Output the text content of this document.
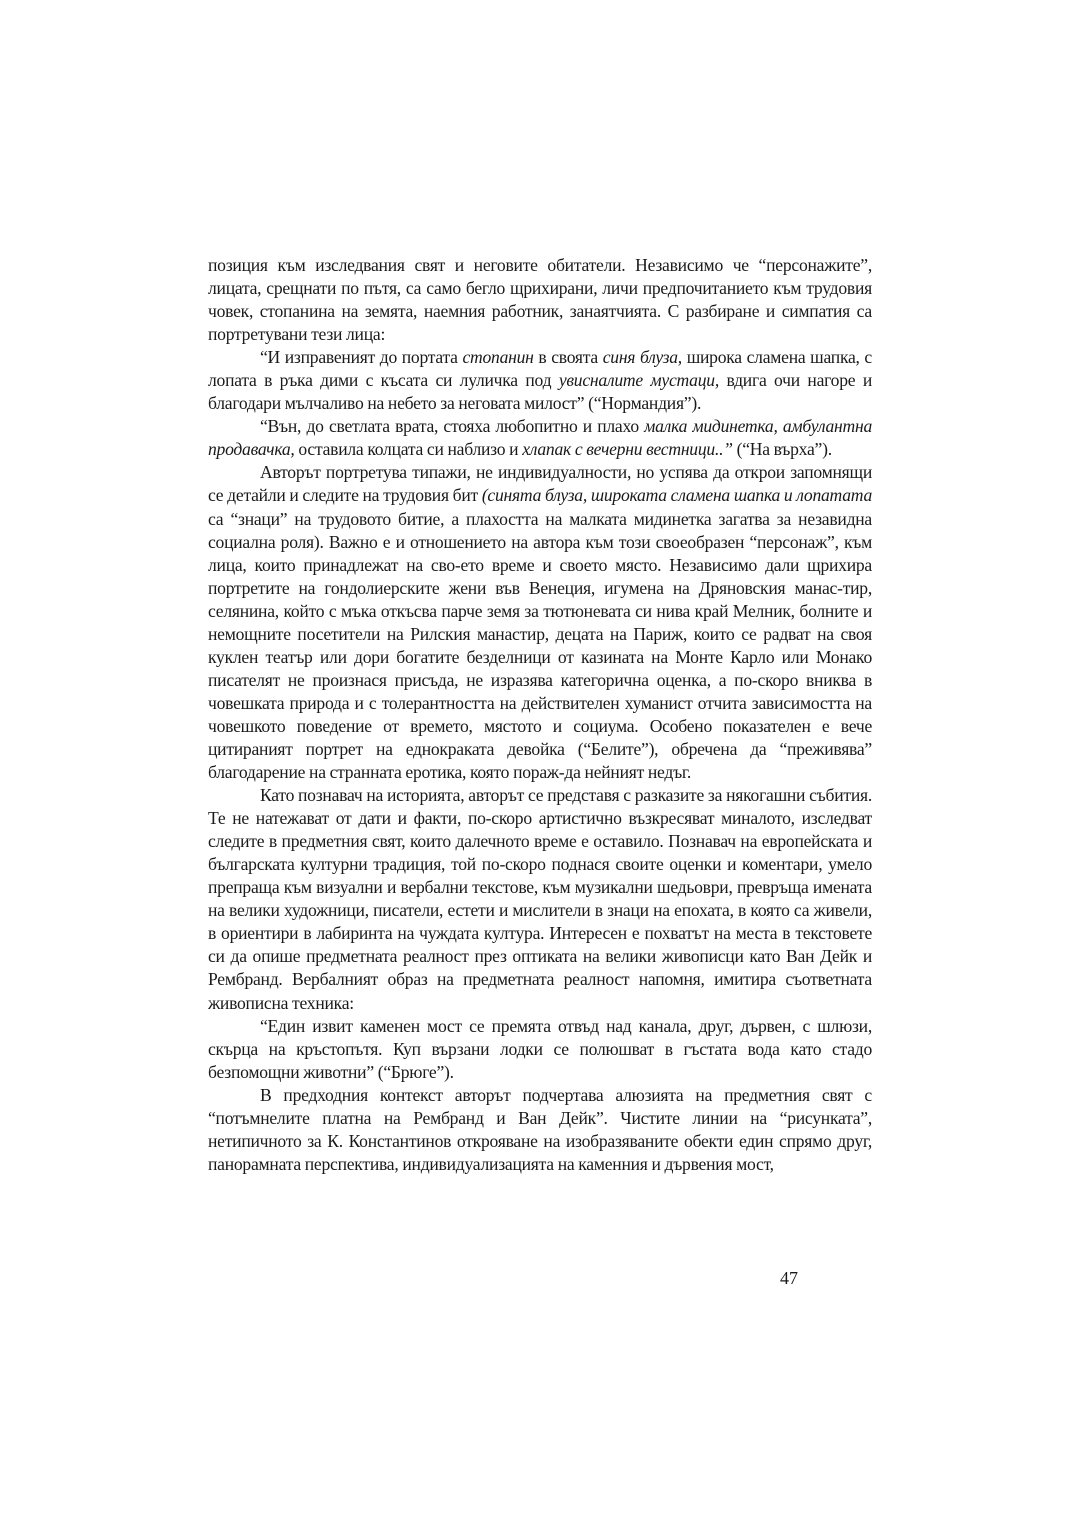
позиция към изследвания свят и неговите обитатели. Независимо че “персонажите”, лицата, срещнати по пътя, са само бегло щрихирани, личи предпочитанието към трудовия човек, стопанина на земята, наемния работник, занаятчията. С разбиране и симпатия са портретувани тези лица:

“И изправеният до портата стопанин в своята синя блуза, широка сламена шапка, с лопата в ръка дими с късата си луличка под увисналите мустаци, вдига очи нагоре и благодари мълчаливо на небето за неговата милост” (“Нормандия”).

“Вън, до светлата врата, стояха любопитно и плахо малка мидинетка, амбулантна продавачка, оставила колцата си наблизо и хлапак с вечерни вестници..” (“На върха”).

Авторът портретува типажи, не индивидуалности, но успява да открои запомнящи се детайли и следите на трудовия бит (синята блуза, широката сламена шапка и лопатата са “знаци” на трудовото битие, а плахостта на малката мидинетка загатва за незавидна социална роля). Важно е и отношението на автора към този своеобразен “персонаж”, към лица, които принадлежат на сво-ето време и своето място. Независимо дали щрихира портретите на гондолиерските жени във Венеция, игумена на Дряновския манас-тир, селянина, който с мъка откъсва парче земя за тютюневата си нива край Мелник, болните и немощните посетители на Рилския манастир, децата на Париж, които се радват на своя куклен театър или дори богатите безделници от казината на Монте Карло или Монако писателят не произнася присъда, не изразява категорична оценка, а по-скоро вниква в човешката природа и с толерантността на действителен хуманист отчита зависимостта на човешкото поведение от времето, мястото и социума. Особено показателен е вече цитираният портрет на еднокраката девойка (“Белите”), обречена да “преживява” благодарение на странната еротика, която пораж-да нейният недъг.

Като познавач на историята, авторът се представя с разказите за някогашни събития. Те не натежават от дати и факти, по-скоро артистично възкресяват миналото, изследват следите в предметния свят, които далечното време е оставило. Познавач на европейската и българската културни традиция, той по-скоро поднася своите оценки и коментари, умело препраща към визуални и вербални текстове, към музикални шедьоври, превръща имената на велики художници, писатели, естети и мислители в знаци на епохата, в която са живели, в ориентири в лабиринта на чуждата култура. Интересен е похватът на места в текстовете си да опише предметната реалност през оптиката на велики живописци като Ван Дейк и Рембранд. Вербалният образ на предметната реалност напомня, имитира съответната живописна техника:

“Един извит каменен мост се премята отвъд над канала, друг, дървен, с шлюзи, скърца на кръстопътя. Куп вързани лодки се полюшват в гъстата вода като стадо безпомощни животни” (“Брюге”).

В предходния контекст авторът подчертава алюзията на предметния свят с “потъмнелите платна на Рембранд и Ван Дейк”. Чистите линии на “рисунката”, нетипичното за К. Константинов открояване на изобразяваните обекти един спрямо друг, панорамната перспектива, индивидуализацията на каменния и дървения мост,

47
